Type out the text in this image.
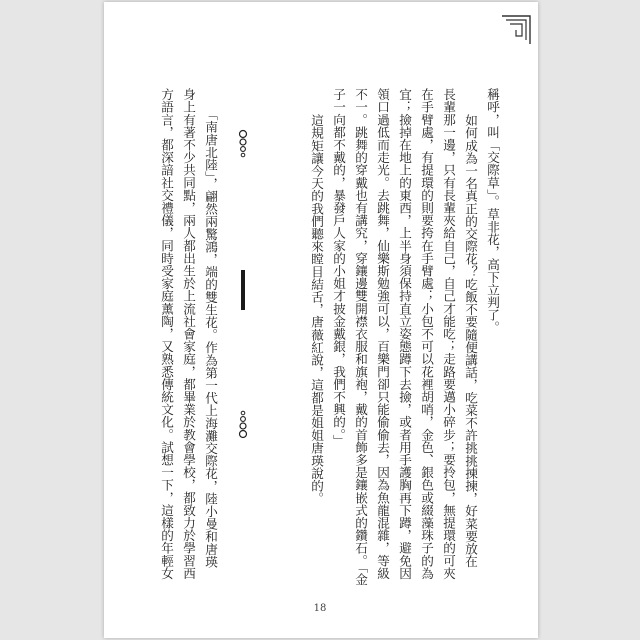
稱呼，叫「交際草」。草非花，高下立判了。
如何成為一名真正的交際花？吃飯不要隨便講話，吃菜不許挑挑揀揀，好菜要放在
長輩那一邊，只有長輩夾給自己，自己才能吃；走路要邁小碎步；要拎包，無提環的可夾
在手臂處，有提環的則要挎在手臂處；小包不可以花裡胡哨，金色、銀色或綴藻珠子的為
宜；撿掉在地上的東西，上半身須保持直立姿態蹲下去撿，或者用手護胸再下蹲，避免因
領口過低而走光。去跳舞，仙樂斯勉強可以，百樂門卻只能偷偷去，因為魚龍混雜，等級
不一。跳舞的穿戴也有講究，穿鑲邊雙開襟衣服和旗袍，戴的首飾多是鑲嵌式的鑽石。「金
子一向都不戴的，暴發戶人家的小姐才披金戴銀，我們不興的。」
這規矩讓今天的我們聽來瞠目結舌，唐薇紅說，這都是姐姐唐瑛說的。
「南唐北陸」，翩然兩驚鴻，端的雙生花。作為第一代上海灘交際花，陸小曼和唐瑛
身上有著不少共同點，兩人都出生於上流社會家庭，都畢業於教會學校，都致力於學習西
方語言，都深諳社交禮儀，同時受家庭薰陶，又熟悉傳統文化。試想一下，這樣的年輕女
18
